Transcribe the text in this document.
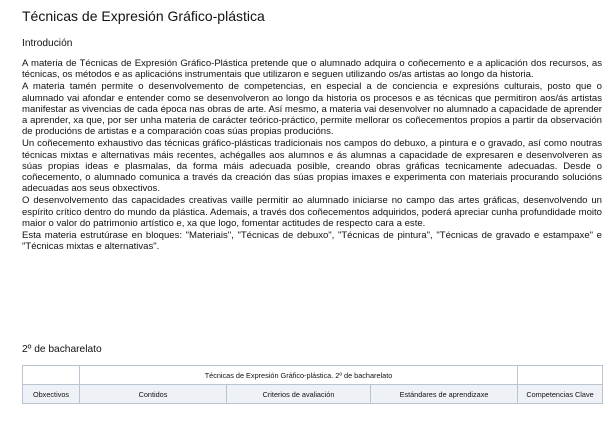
Técnicas de Expresión Gráfico-plástica
Introdución

A materia de Técnicas de Expresión Gráfico-Plástica pretende que o alumnado adquira o coñecemento e a aplicación dos recursos, as técnicas, os métodos e as aplicacións instrumentais que utilizaron e seguen utilizando os/as artistas ao longo da historia.

A materia tamén permite o desenvolvemento de competencias, en especial a de conciencia e expresións culturais, posto que o alumnado vai afondar e entender como se desenvolveron ao longo da historia os procesos e as técnicas que permitiron aos/ás artistas manifestar as vivencias de cada época nas obras de arte. Así mesmo, a materia vai desenvolver no alumnado a capacidade de aprender a aprender, xa que, por ser unha materia de carácter teórico-práctico, permite mellorar os coñecementos propios a partir da observación de producións de artistas e a comparación coas súas propias producións.

Un coñecemento exhaustivo das técnicas gráfico-plásticas tradicionais nos campos do debuxo, a pintura e o gravado, así como noutras técnicas mixtas e alternativas máis recentes, achégalles aos alumnos e ás alumnas a capacidade de expresaren e desenvolveren as súas propias ideas e plasmalas, da forma máis adecuada posible, creando obras gráficas tecnicamente adecuadas. Desde o coñecemento, o alumnado comunica a través da creación das súas propias imaxes e experimenta con materiais procurando solucións adecuadas aos seus obxectivos.

O desenvolvemento das capacidades creativas vaille permitir ao alumnado iniciarse no campo das artes gráficas, desenvolvendo un espírito crítico dentro do mundo da plástica. Ademais, a través dos coñecementos adquiridos, poderá apreciar cunha profundidade moito maior o valor do patrimonio artístico e, xa que logo, fomentar actitudes de respecto cara a este.

Esta materia estrutúrase en bloques: "Materiais", "Técnicas de debuxo", "Técnicas de pintura", "Técnicas de gravado e estampaxe" e "Técnicas mixtas e alternativas".

2º de bacharelato
	Técnicas de Expresión Gráfico-plástica. 2º de bacharelato			
Obxectivos	Contidos	Criterios de avaliación	Estándares de aprendizaxe	Competencias Clave
